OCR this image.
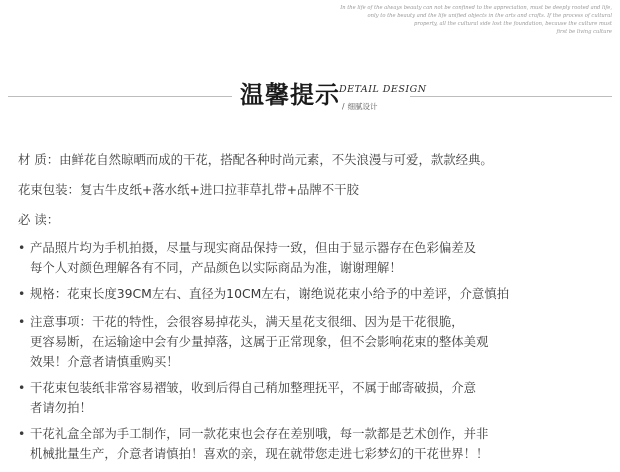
In the life of the always beauty can not be confined to the appreciation, must be deeply rooted and life,

only to the beauty and the life unified objects in the arts and crafts. If the process of cultural

property, all the cultural side lost the foundation, because the culture must

first be living culture

温馨提示 DETAIL DESIGN
/ 细腻设计
材 质：由鲜花自然晾晒而成的干花，搭配各种时尚元素，不失浪漫与可爱，款款经典。
花束包装：复古牛皮纸+落水纸+进口拉菲草扎带+品牌不干胶
必 读：
• 产品照片均为手机拍摄，尽量与现实商品保持一致，但由于显示器存在色彩偏差及
每个人对颜色理解各有不同，产品颜色以实际商品为准，谢谢理解！
• 规格：花束长度39CM左右、直径为10CM左右，谢绝说花束小给予的中差评，介意慎拍
• 注意事项：干花的特性，会很容易掉花头，满天星花支很细、因为是干花很脆，
更容易断，在运输途中会有少量掉落，这属于正常现象，但不会影响花束的整体美观
效果！介意者请慎重购买！
• 干花束包装纸非常容易褶皱，收到后得自己稍加整理抚平，不属于邮寄破损，介意
者请勿拍！
• 干花礼盒全部为手工制作，同一款花束也会存在差别哦，每一款都是艺术创作，并非
机械批量生产，介意者请慎拍！喜欢的亲，现在就带您走进七彩梦幻的干花世界！！
